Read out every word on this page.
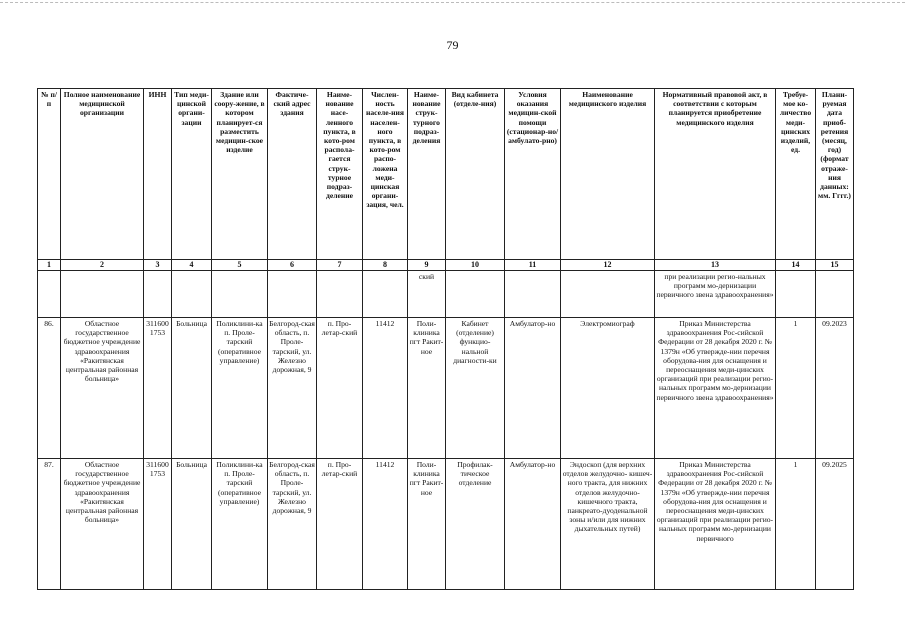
79
№ п/п	Полное наименование медицинской организации	ИНН	Тип меди-цинской органи-зации	Здание или соору-жение, в котором планирует-ся разместить медицин-ское изделие	Фактиче-ский адрес здания	Наиме-нование насе-ленного пункта, в кото-ром распола-гается струк-турное подраз-деление	Числен-ность населе-ния населен-ного пункта, в кото-ром распо-ложена меди-цинская органи-зация, чел.	Наиме-нование струк-турного подраз-деления	Вид кабинета (отделе-ния)	Условия оказания медицин-ской помощи (стационар-но/амбулато-рно)	Наименование медицинского изделия	Нормативный правовой акт, в соответствии с которым планируется приобретение медицинского изделия	Требуе-мое ко-личество меди-цинских изделий, ед.	Плани-руемая дата приоб-ретения (месяц, год) (формат отраже-ния данных: мм. Гггг.)
1	2	3	4	5	6	7	8	9	10	11	12	13	14	15
								ский				при реализации регио-нальных программ мо-дернизации первичного звена здравоохранения»		
86.	Областное государственное бюджетное учреждение здравоохранения «Ракитянская центральная районная больница»	3116001753	Больница	Поликлини-ка п. Проле-тарский (оперативное управление)	Белгород-ская область, п. Проле-тарский, ул. Железно дорожная, 9	п. Про-летар-ский	11412	Поли-клиника пгт Ракит-ное	Кабинет (отделение) функцио-нальной диагности-ки	Амбулатор-но	Электромиограф	Приказ Министерства здравоохранения Рос-сийской Федерации от 28 декабря 2020 г. № 1379н «Об утвержде-нии перечня оборудова-ния для оснащения и переоснащения меди-цинских организаций при реализации регио-нальных программ мо-дернизации первичного звена здравоохранения»	1	09.2023
87.	Областное государственное бюджетное учреждение здравоохранения «Ракитянская центральная районная больница»	3116001753	Больница	Поликлини-ка п. Проле-тарский (оперативное управление)	Белгород-ская область, п. Проле-тарский, ул. Железно дорожная, 9	п. Про-летар-ский	11412	Поли-клиника пгт Ракит-ное	Профилак-тическое отделение	Амбулатор-но	Эндоскоп (для верхних отделов желудочно- кишеч-ного тракта, для нижних отделов желудочно-кишечного тракта, панкреато-дуоденальной зоны и/или для нижних дыхательных путей)	Приказ Министерства здравоохранения Рос-сийской Федерации от 28 декабря 2020 г. № 1379н «Об утвержде-нии перечня оборудова-ния для оснащения и переоснащения меди-цинских организаций при реализации регио-нальных программ мо-дернизации первичного	1	09.2025
